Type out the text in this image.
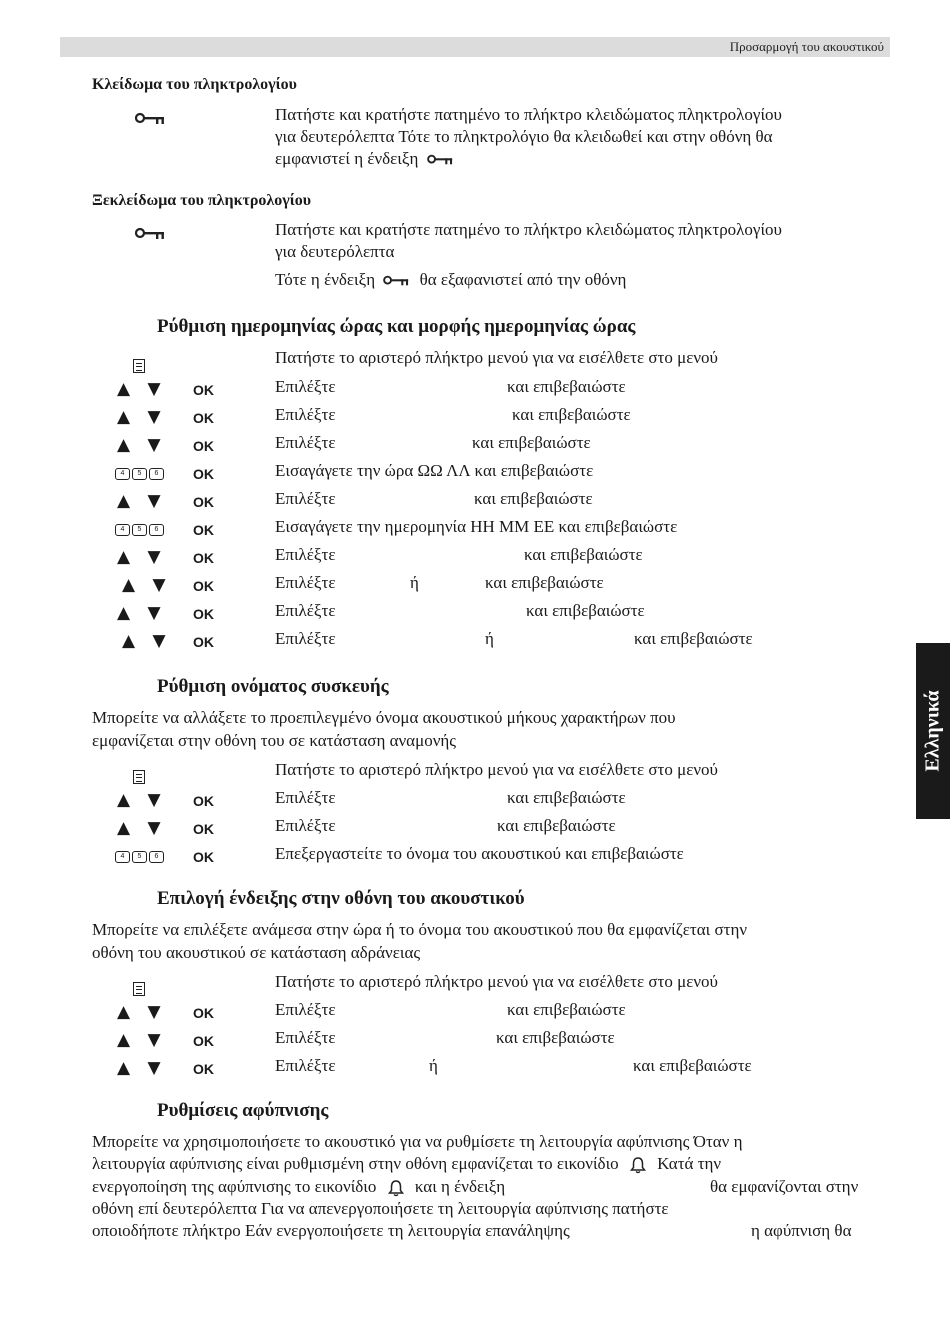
Προσαρμογή του ακουστικού
Ελληνικά
Κλείδωμα του πληκτρολογίου
Πατήστε και κρατήστε πατημένο το πλήκτρο κλειδώματος πληκτρολογίου
για δευτερόλεπτα Τότε το πληκτρολόγιο θα κλειδωθεί και στην οθόνη θα
εμφανιστεί η ένδειξη
Ξεκλείδωμα του πληκτρολογίου
Πατήστε και κρατήστε πατημένο το πλήκτρο κλειδώματος πληκτρολογίου
για δευτερόλεπτα
Τότε η ένδειξη	θα εξαφανιστεί από την οθόνη
Ρύθμιση ημερομηνίας ώρας και μορφής ημερομηνίας ώρας
Πατήστε το αριστερό πλήκτρο μενού για να εισέλθετε στο μενού
▲ ▼ OK	Επιλέξτε	και επιβεβαιώστε
▲ ▼ OK	Επιλέξτε	και επιβεβαιώστε
▲ ▼ OK	Επιλέξτε	και επιβεβαιώστε
4	5	6	OK	Εισαγάγετε την ώρα ΩΩ ΛΛ και επιβεβαιώστε
▲ ▼ OK	Επιλέξτε	και επιβεβαιώστε
4	5	6	OK	Εισαγάγετε την ημερομηνία ΗΗ ΜΜ ΕΕ και επιβεβαιώστε
▲ ▼ OK	Επιλέξτε	και επιβεβαιώστε
▲ ▼ OK	Επιλέξτε	ή	και επιβεβαιώστε
▲ ▼ OK	Επιλέξτε	και επιβεβαιώστε
▲ ▼ OK	Επιλέξτε	ή	και επιβεβαιώστε
Ρύθμιση ονόματος συσκευής
Μπορείτε να αλλάξετε το προεπιλεγμένο όνομα ακουστικού μήκους χαρακτήρων που
εμφανίζεται στην οθόνη του σε κατάσταση αναμονής
Πατήστε το αριστερό πλήκτρο μενού για να εισέλθετε στο μενού
▲ ▼ OK	Επιλέξτε	και επιβεβαιώστε
▲ ▼ OK	Επιλέξτε	και επιβεβαιώστε
4	5	6	OK	Επεξεργαστείτε το όνομα του ακουστικού και επιβεβαιώστε
Επιλογή ένδειξης στην οθόνη του ακουστικού
Μπορείτε να επιλέξετε ανάμεσα στην ώρα ή το όνομα του ακουστικού που θα εμφανίζεται στην
οθόνη του ακουστικού σε κατάσταση αδράνειας
Πατήστε το αριστερό πλήκτρο μενού για να εισέλθετε στο μενού
▲ ▼ OK	Επιλέξτε	και επιβεβαιώστε
▲ ▼ OK	Επιλέξτε	και επιβεβαιώστε
▲ ▼ OK	Επιλέξτε	ή	και επιβεβαιώστε
Ρυθμίσεις αφύπνισης
Μπορείτε να χρησιμοποιήσετε το ακουστικό για να ρυθμίσετε τη λειτουργία αφύπνισης Όταν η
λειτουργία αφύπνισης είναι ρυθμισμένη στην οθόνη εμφανίζεται το εικονίδιο Κατά την
ενεργοποίηση της αφύπνισης το εικονίδιο και η ένδειξη	θα εμφανίζονται στην
οθόνη επί δευτερόλεπτα Για να απενεργοποιήσετε τη λειτουργία αφύπνισης πατήστε
οποιοδήποτε πλήκτρο Εάν ενεργοποιήσετε τη λειτουργία επανάληψης	η αφύπνιση θα
